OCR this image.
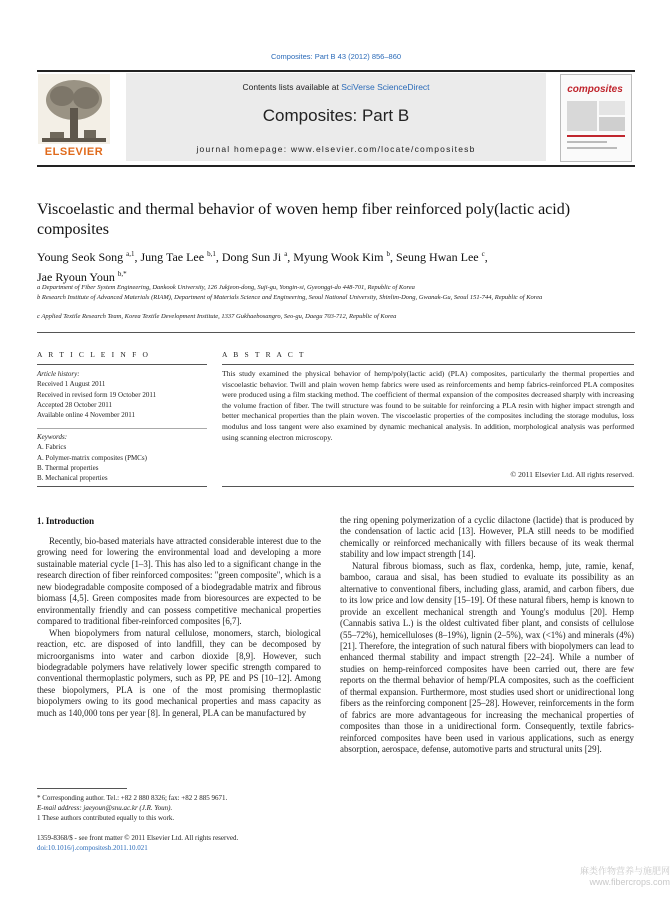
Composites: Part B 43 (2012) 856–860
Contents lists available at SciVerse ScienceDirect
Composites: Part B
journal homepage: www.elsevier.com/locate/compositesb
ELSEVIER
composites
Viscoelastic and thermal behavior of woven hemp fiber reinforced poly(lactic acid) composites
Young Seok Song $^{a,1}$, Jung Tae Lee $^{b,1}$, Dong Sun Ji $^a$, Myung Wook Kim $^b$, Seung Hwan Lee $^c$,
Jae Ryoun Youn $^{b,*}$
a Department of Fiber System Engineering, Dankook University, 126 Jukjeon-dong, Suji-gu, Yongin-si, Gyeonggi-do 448-701, Republic of Korea
b Research Institute of Advanced Materials (RIAM), Department of Materials Science and Engineering, Seoul National University, Shinlim-Dong, Gwanak-Gu, Seoul 151-744, Republic of Korea
c Applied Textile Research Team, Korea Textile Development Institute, 1337 Gukhaebosangro, Seo-gu, Daegu 703-712, Republic of Korea
A R T I C L E I N F O
Article history:
Received 1 August 2011
Received in revised form 19 October 2011
Accepted 28 October 2011
Available online 4 November 2011
Keywords:
A. Fabrics
A. Polymer-matrix composites (PMCs)
B. Thermal properties
B. Mechanical properties
A B S T R A C T
This study examined the physical behavior of hemp/poly(lactic acid) (PLA) composites, particularly the thermal properties and viscoelastic behavior. Twill and plain woven hemp fabrics were used as reinforcements and hemp fabrics-reinforced PLA composites were produced using a film stacking method. The coefficient of thermal expansion of the composites decreased sharply with increasing the volume fraction of fiber. The twill structure was found to be suitable for reinforcing a PLA resin with higher impact strength and better mechanical properties than the plain woven. The viscoelastic properties of the composites including the storage modulus, loss modulus and loss tangent were also examined by dynamic mechanical analysis. In addition, morphological analysis was performed using scanning electron microscopy.
© 2011 Elsevier Ltd. All rights reserved.
1. Introduction

Recently, bio-based materials have attracted considerable interest due to the growing need for lowering the environmental load and developing a more sustainable material cycle [1–3]. This has also led to a significant change in the research direction of fiber reinforced composites: "green composite", which is a new biodegradable composite composed of a biodegradable matrix and fibrous biomass [4,5]. Green composites made from bioresources are expected to be environmentally friendly and can possess competitive mechanical properties compared to traditional fiber-reinforced composites [6,7].

When biopolymers from natural cellulose, monomers, starch, biological reaction, etc. are disposed of into landfill, they can be decomposed by microorganisms into water and carbon dioxide [8,9]. However, such biodegradable polymers have relatively lower specific strength compared to conventional thermoplastic polymers, such as PP, PE and PS [10–12]. Among these biopolymers, PLA is one of the most promising thermoplastic biopolymers owing to its good mechanical properties and mass capacity as much as 140,000 tons per year [8]. In general, PLA can be manufactured by

the ring opening polymerization of a cyclic dilactone (lactide) that is produced by the condensation of lactic acid [13]. However, PLA still needs to be modified chemically or reinforced mechanically with fillers because of its weak thermal stability and low impact strength [14].

Natural fibrous biomass, such as flax, cordenka, hemp, jute, ramie, kenaf, bamboo, caraua and sisal, has been studied to evaluate its possibility as an alternative to conventional fibers, including glass, aramid, and carbon fibers, due to its low price and low density [15–19]. Of these natural fibers, hemp is known to provide an excellent mechanical strength and Young's modulus [20]. Hemp (Cannabis sativa L.) is the oldest cultivated fiber plant, and consists of cellulose (55–72%), hemicelluloses (8–19%), lignin (2–5%), wax (<1%) and minerals (4%) [21]. Therefore, the integration of such natural fibers with biopolymers can lead to enhanced thermal stability and impact strength [22–24]. While a number of studies on hemp-reinforced composites have been carried out, there are few reports on the thermal behavior of hemp/PLA composites, such as the coefficient of thermal expansion. Furthermore, most studies used short or unidirectional long fibers as the reinforcing component [25–28]. However, reinforcements in the form of fabrics are more advantageous for increasing the mechanical properties of composites than those in a unidirectional form. Consequently, textile fabrics-reinforced composites have been used in various applications, such as energy absorption, aerospace, defense, automotive parts and structural units [29].

* Corresponding author. Tel.: +82 2 880 8326; fax: +82 2 885 9671.
E-mail address: jaeyoun@snu.ac.kr (J.R. Youn).
1 These authors contributed equally to this work.
1359-8368/$ - see front matter © 2011 Elsevier Ltd. All rights reserved.
doi:10.1016/j.compositesb.2011.10.021
麻类作物营养与施肥网 www.fibercrops.com
